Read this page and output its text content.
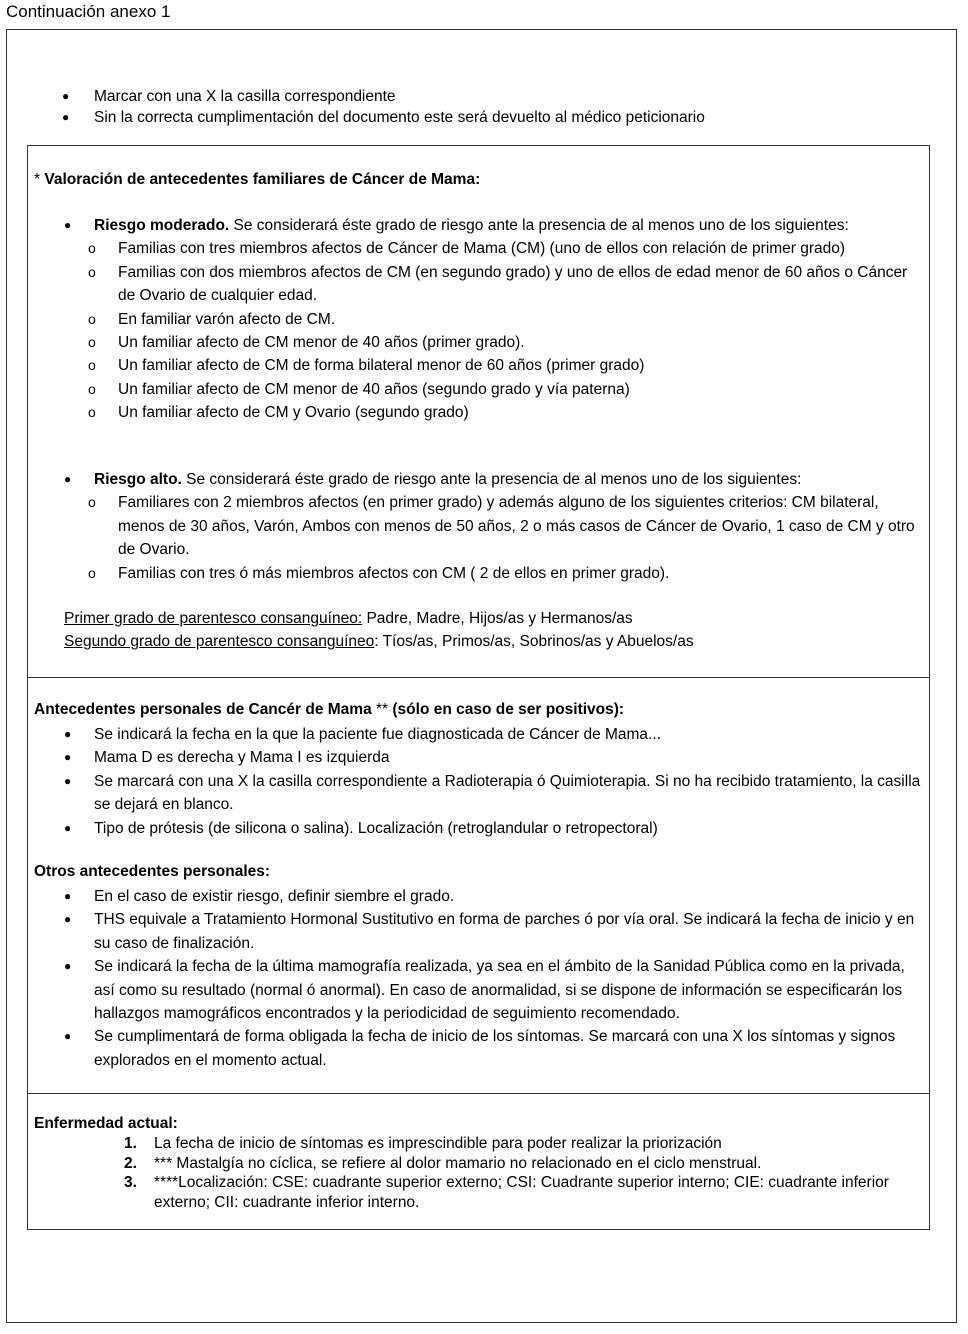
Continuación anexo 1
● Marcar con una X la casilla correspondiente
● Sin la correcta cumplimentación del documento este será devuelto al médico peticionario
* Valoración de antecedentes familiares de Cáncer de Mama:
● Riesgo moderado. Se considerará éste grado de riesgo ante la presencia de al menos uno de los siguientes:
o Familias con tres miembros afectos de Cáncer de Mama (CM) (uno de ellos con relación de primer grado)
o Familias con dos miembros afectos de CM (en segundo grado) y uno de ellos de edad menor de 60 años o Cáncer de Ovario de cualquier edad.
o En familiar varón afecto de CM.
o Un familiar afecto de CM menor de 40 años (primer grado).
o Un familiar afecto de CM de forma bilateral menor de 60 años (primer grado)
o Un familiar afecto de CM menor de 40 años (segundo grado y vía paterna)
o Un familiar afecto de CM y Ovario (segundo grado)
● Riesgo alto. Se considerará éste grado de riesgo ante la presencia de al menos uno de los siguientes:
o Familiares con 2 miembros afectos (en primer grado) y además alguno de los siguientes criterios: CM bilateral, menos de 30 años, Varón, Ambos con menos de 50 años, 2 o más casos de Cáncer de Ovario, 1 caso de CM y otro de Ovario.
o Familias con tres ó más miembros afectos con CM ( 2 de ellos en primer grado).
Primer grado de parentesco consanguíneo: Padre, Madre, Hijos/as y Hermanos/as
Segundo grado de parentesco consanguíneo: Tíos/as, Primos/as, Sobrinos/as y Abuelos/as
Antecedentes personales de Cancér de Mama ** (sólo en caso de ser positivos):
● Se indicará la fecha en la que la paciente fue diagnosticada de Cáncer de Mama...
● Mama D es derecha y Mama I es izquierda
● Se marcará con una X la casilla correspondiente a Radioterapia ó Quimioterapia. Si no ha recibido tratamiento, la casilla se dejará en blanco.
● Tipo de prótesis (de silicona o salina). Localización (retroglandular o retropectoral)
Otros antecedentes personales:
● En el caso de existir riesgo, definir siembre el grado.
● THS equivale a Tratamiento Hormonal Sustitutivo en forma de parches ó por vía oral. Se indicará la fecha de inicio y en su caso de finalización.
● Se indicará la fecha de la última mamografía realizada, ya sea en el ámbito de la Sanidad Pública como en la privada, así como su resultado (normal ó anormal). En caso de anormalidad, si se dispone de información se especificarán los hallazgos mamográficos encontrados y la periodicidad de seguimiento recomendado.
● Se cumplimentará de forma obligada la fecha de inicio de los síntomas. Se marcará con una X los síntomas y signos explorados en el momento actual.
Enfermedad actual:
1. La fecha de inicio de síntomas es imprescindible para poder realizar la priorización
2. *** Mastalgía no cíclica, se refiere al dolor mamario no relacionado en el ciclo menstrual.
3. ****Localización: CSE: cuadrante superior externo; CSI: Cuadrante superior interno; CIE: cuadrante inferior externo; CII: cuadrante inferior interno.
